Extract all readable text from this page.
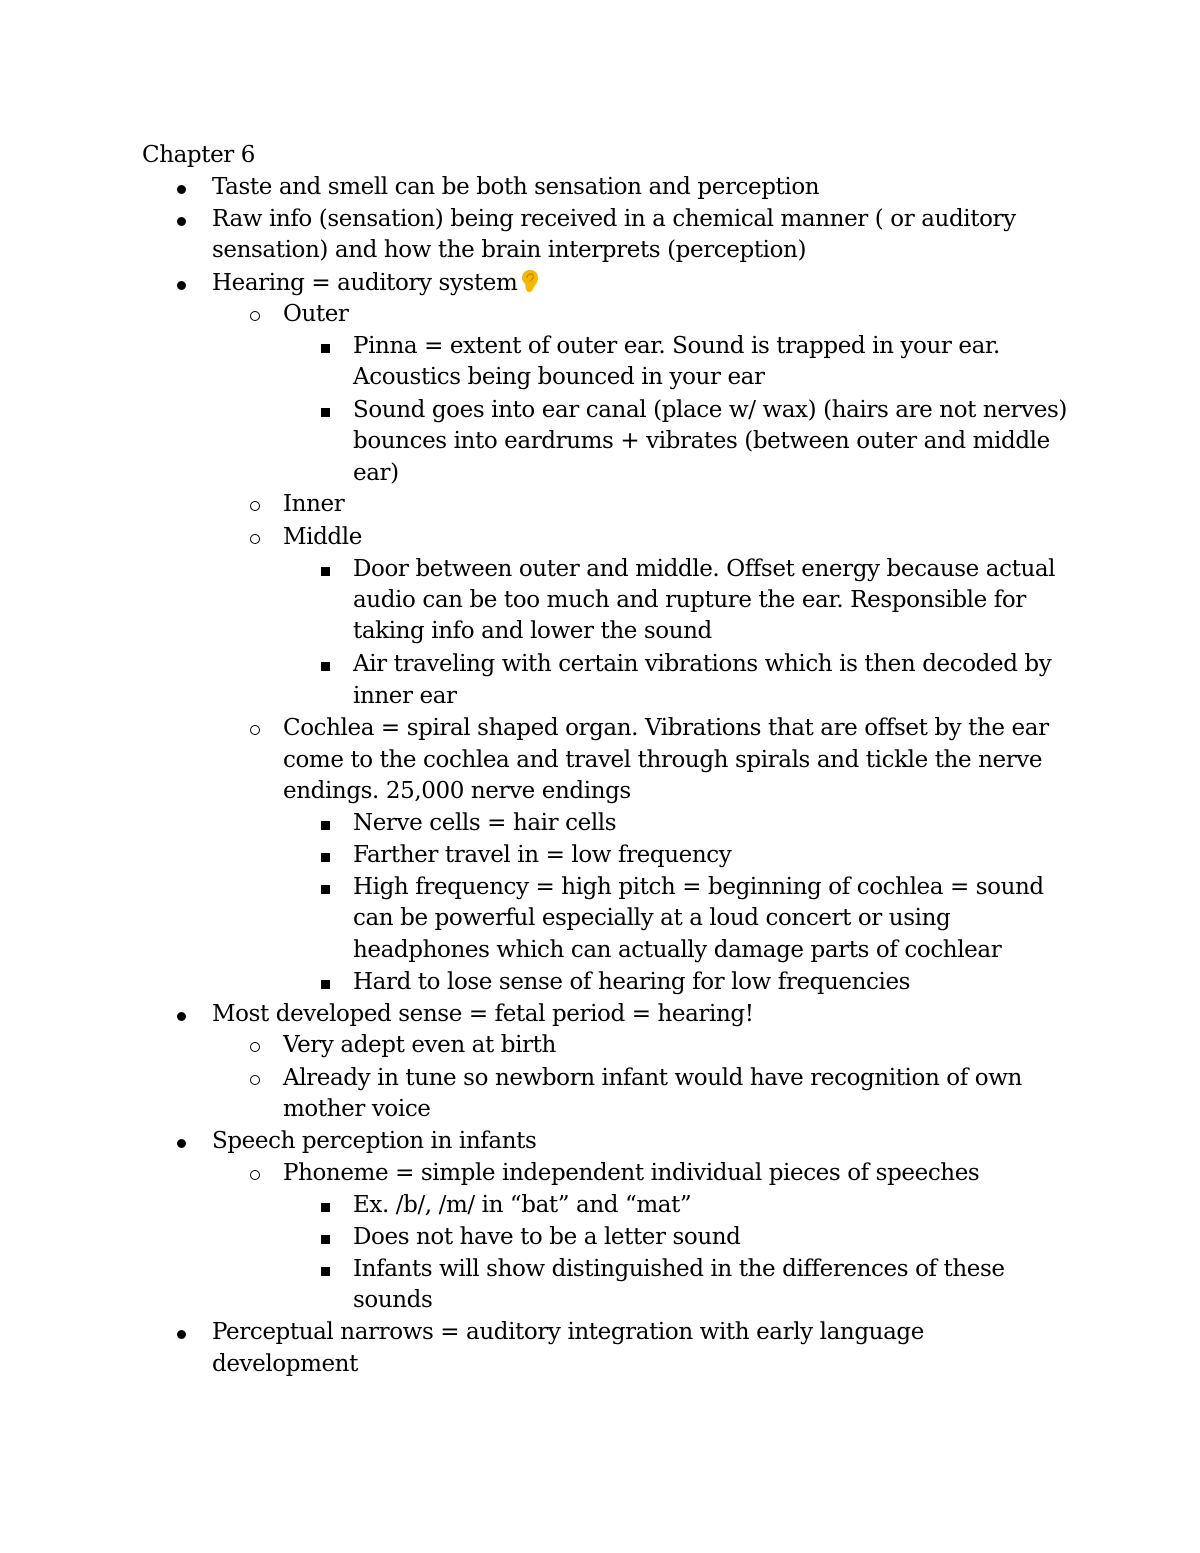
Chapter 6
Taste and smell can be both sensation and perception
Raw info (sensation) being received in a chemical manner ( or auditory
sensation) and how the brain interprets (perception)
Hearing = auditory system
Outer
Pinna = extent of outer ear. Sound is trapped in your ear.
Acoustics being bounced in your ear
Sound goes into ear canal (place w/ wax) (hairs are not nerves)
bounces into eardrums + vibrates (between outer and middle
ear)
Inner
Middle
Door between outer and middle. Offset energy because actual
audio can be too much and rupture the ear. Responsible for
taking info and lower the sound
Air traveling with certain vibrations which is then decoded by
inner ear
Cochlea = spiral shaped organ. Vibrations that are offset by the ear
come to the cochlea and travel through spirals and tickle the nerve
endings. 25,000 nerve endings
Nerve cells = hair cells
Farther travel in = low frequency
High frequency = high pitch = beginning of cochlea = sound
can be powerful especially at a loud concert or using
headphones which can actually damage parts of cochlear
Hard to lose sense of hearing for low frequencies
Most developed sense = fetal period = hearing!
Very adept even at birth
Already in tune so newborn infant would have recognition of own
mother voice
Speech perception in infants
Phoneme = simple independent individual pieces of speeches
Ex. /b/, /m/ in “bat” and “mat”
Does not have to be a letter sound
Infants will show distinguished in the differences of these
sounds
Perceptual narrows = auditory integration with early language
development
